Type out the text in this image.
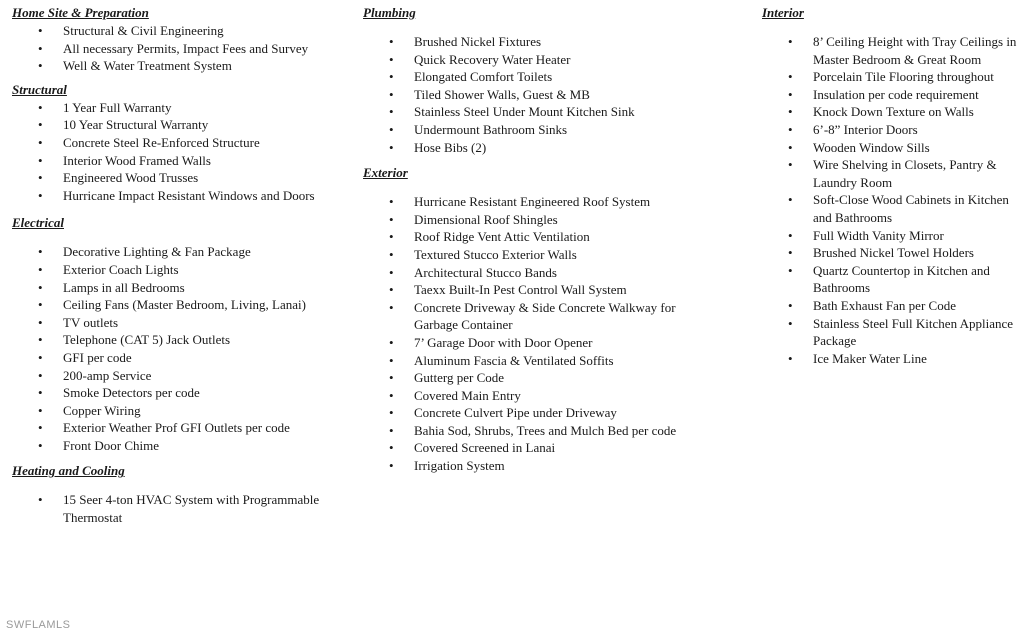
Home Site & Preparation
• Structural & Civil Engineering
• All necessary Permits, Impact Fees and Survey
• Well & Water Treatment System
Structural
• 1 Year Full Warranty
• 10 Year Structural Warranty
• Concrete Steel Re-Enforced Structure
• Interior Wood Framed Walls
• Engineered Wood Trusses
• Hurricane Impact Resistant Windows and Doors
Electrical
• Decorative Lighting & Fan Package
• Exterior Coach Lights
• Lamps in all Bedrooms
• Ceiling Fans (Master Bedroom, Living, Lanai)
• TV outlets
• Telephone (CAT 5) Jack Outlets
• GFI per code
• 200-amp Service
• Smoke Detectors per code
• Copper Wiring
• Exterior Weather Prof GFI Outlets per code
• Front Door Chime
Heating and Cooling
• 15 Seer 4-ton HVAC System with Programmable Thermostat
Plumbing
• Brushed Nickel Fixtures
• Quick Recovery Water Heater
• Elongated Comfort Toilets
• Tiled Shower Walls, Guest & MB
• Stainless Steel Under Mount Kitchen Sink
• Undermount Bathroom Sinks
• Hose Bibs (2)
Exterior
• Hurricane Resistant Engineered Roof System
• Dimensional Roof Shingles
• Roof Ridge Vent Attic Ventilation
• Textured Stucco Exterior Walls
• Architectural Stucco Bands
• Taexx Built-In Pest Control Wall System
• Concrete Driveway & Side Concrete Walkway for Garbage Container
• 7’ Garage Door with Door Opener
• Aluminum Fascia & Ventilated Soffits
• Gutterg per Code
• Covered Main Entry
• Concrete Culvert Pipe under Driveway
• Bahia Sod, Shrubs, Trees and Mulch Bed per code
• Covered Screened in Lanai
• Irrigation System
Interior
• 8’ Ceiling Height with Tray Ceilings in Master Bedroom & Great Room
• Porcelain Tile Flooring throughout
• Insulation per code requirement
• Knock Down Texture on Walls
• 6’-8” Interior Doors
• Wooden Window Sills
• Wire Shelving in Closets, Pantry & Laundry Room
• Soft-Close Wood Cabinets in Kitchen and Bathrooms
• Full Width Vanity Mirror
• Brushed Nickel Towel Holders
• Quartz Countertop in Kitchen and Bathrooms
• Bath Exhaust Fan per Code
• Stainless Steel Full Kitchen Appliance Package
• Ice Maker Water Line
SWFLAMLS
